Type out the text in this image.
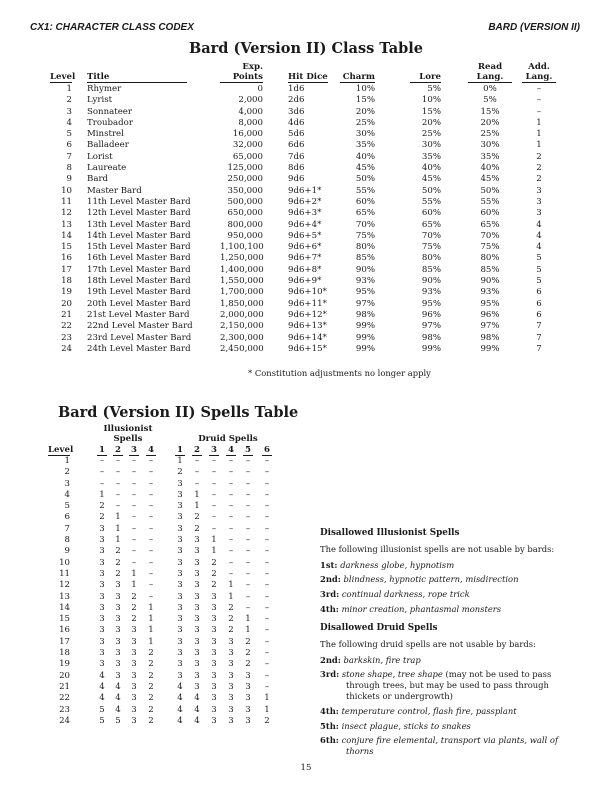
CX1: CHARACTER CLASS CODEX	BARD (VERSION II)
Bard (Version II) Class Table
Level Title
Exp.
Points	Hit Dice	Charm	Lore
Read
Lang.
Add.
Lang.
1 Rhymer	0	1d6	10%	5%	0%	–
2 Lyrist	2,000	2d6	15%	10%	5%	–
3 Sonnateer	4,000	3d6	20%	15%	15%	–
4 Troubador	8,000	4d6	25%	20%	20%	1
5 Minstrel	16,000	5d6	30%	25%	25%	1
6 Balladeer	32,000	6d6	35%	30%	30%	1
7 Lorist	65,000	7d6	40%	35%	35%	2
8 Laureate	125,000	8d6	45%	40%	40%	2
9 Bard	250,000	9d6	50%	45%	45%	2
10 Master Bard	350,000	9d6+1*	55%	50%	50%	3
11 11th Level Master Bard	500,000	9d6+2*	60%	55%	55%	3
12 12th Level Master Bard	650,000	9d6+3*	65%	60%	60%	3
13 13th Level Master Bard	800,000	9d6+4*	70%	65%	65%	4
14 14th Level Master Bard	950,000	9d6+5*	75%	70%	70%	4
15 15th Level Master Bard	1,100,100	9d6+6*	80%	75%	75%	4
16 16th Level Master Bard	1,250,000	9d6+7*	85%	80%	80%	5
17 17th Level Master Bard	1,400,000	9d6+8*	90%	85%	85%	5
18 18th Level Master Bard	1,550,000	9d6+9*	93%	90%	90%	5
19 19th Level Master Bard	1,700,000	9d6+10*	95%	93%	93%	6
20 20th Level Master Bard	1,850,000	9d6+11*	97%	95%	95%	6
21 21st Level Master Bard	2,000,000	9d6+12*	98%	96%	96%	6
22 22nd Level Master Bard	2,150,000	9d6+13*	99%	97%	97%	7
23 23rd Level Master Bard	2,300,000	9d6+14*	99%	98%	98%	7
24 24th Level Master Bard	2,450,000	9d6+15*	99%	99%	99%	7
* Constitution adjustments no longer apply
Bard (Version II) Spells Table
Illusionist
Spells	Druid Spells
Level	1 2 3 4	1 2 3 4 5 6
1	–	–	–	–	1	–	–	–	–	–
2	–	–	–	–	2	–	–	–	–	–
3	–	–	–	–	3	–	–	–	–	–
4	1	–	–	–	3	1	–	–	–	–
5	2	–	–	–	3	1	–	–	–	–
6	2	1	–	–	3	2	–	–	–	–
7	3	1	–	–	3	2	–	–	–	–
8	3	1	–	–	3	3	1	–	–	–
9	3	2	–	–	3	3	1	–	–	–
10	3	2	–	–	3	3	2	–	–	–
11	3	2	1	–	3	3	2	–	–	–
12	3	3	1	–	3	3	2	1	–	–
13	3	3	2	–	3	3	3	1	–	–
14	3	3	2	1	3	3	3	2	–	–
15	3	3	2	1	3	3	3	2	1	–
16	3	3	3	1	3	3	3	2	1	–
17	3	3	3	1	3	3	3	3	2	–
18	3	3	3	2	3	3	3	3	2	–
19	3	3	3	2	3	3	3	3	2	–
20	4	3	3	2	3	3	3	3	3	–
21	4	4	3	2	4	3	3	3	3	–
22	4	4	3	2	4	4	3	3	3	1
23	5	4	3	2	4	4	3	3	3	1
24	5	5	3	2	4	4	3	3	3	2
Disallowed Illusionist Spells

The following illusionist spells are not usable by bards:

1st: darkness globe, hypnotism
2nd: blindness, hypnotic pattern, misdirection
3rd: continual darkness, rope trick
4th: minor creation, phantasmal monsters
Disallowed Druid Spells

The following druid spells are not usable by bards:

2nd: barkskin, fire trap
3rd: stone shape, tree shape (may not be used to pass through trees, but may be used to pass through thickets or undergrowth)
4th: temperature control, flash fire, passplant
5th: insect plague, sticks to snakes
6th: conjure fire elemental, transport via plants, wall of thorns
15
